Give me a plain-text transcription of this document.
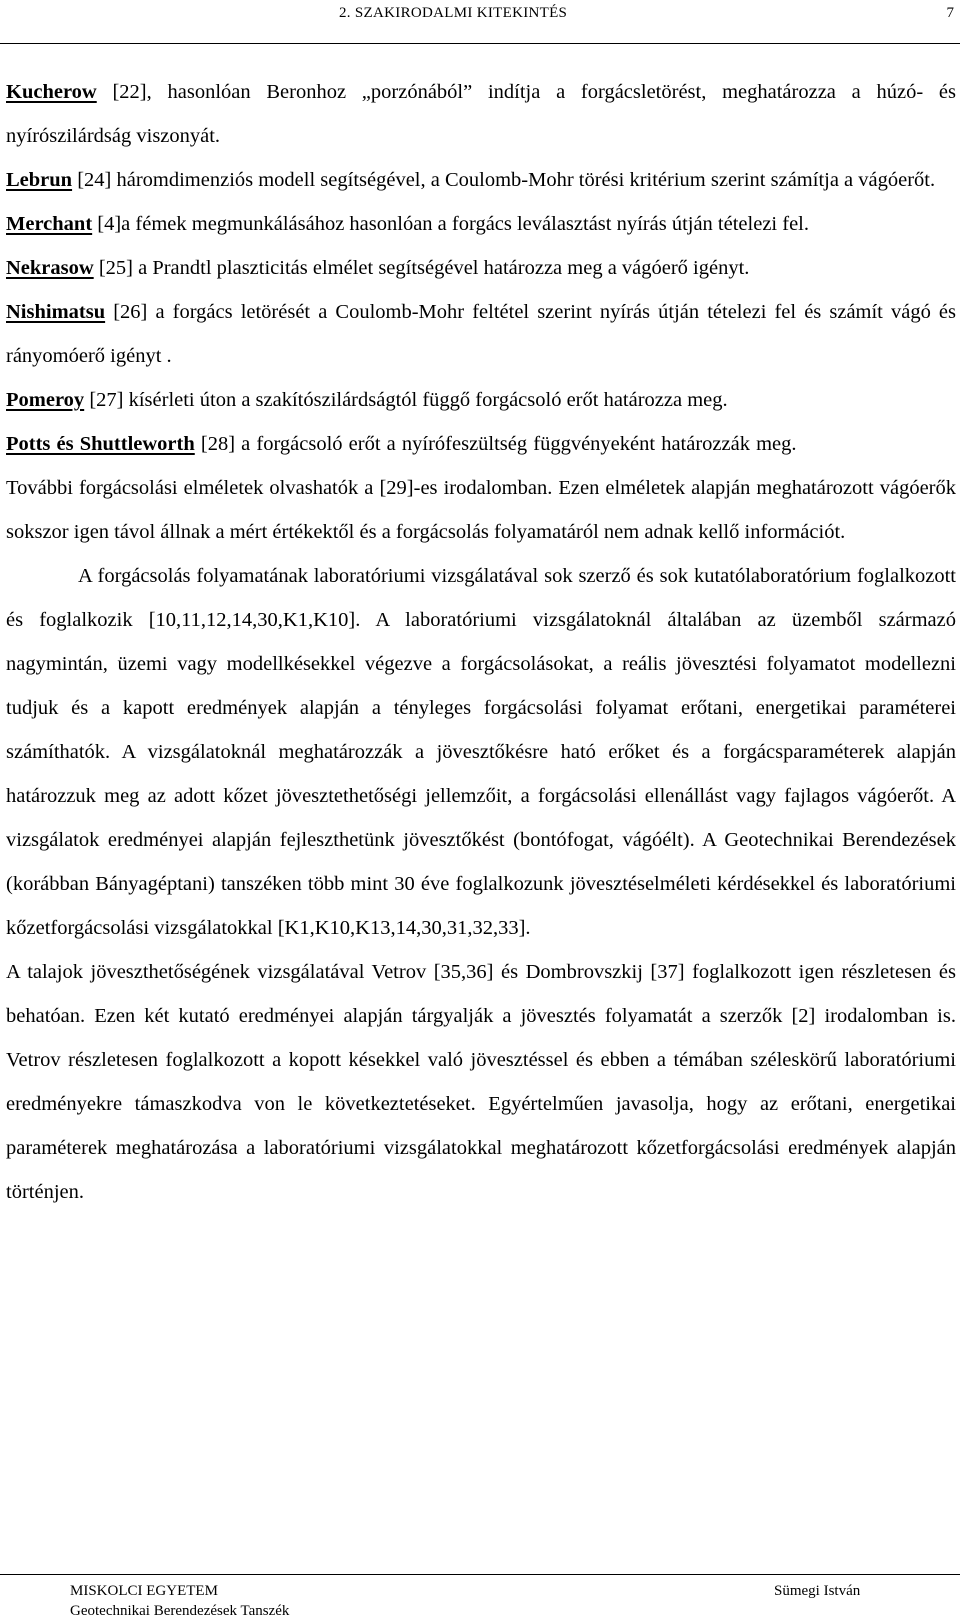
2. SZAKIRODALMI KITEKINTÉS	7

Kucherow [22], hasonlóan Beronhoz „porzónából” indítja a forgácsletörést, meghatározza a húzó- és nyírószilárdság viszonyát.

Lebrun [24] háromdimenziós modell segítségével, a Coulomb-Mohr törési kritérium szerint számítja a vágóerőt.

Merchant [4]a fémek megmunkálásához hasonlóan a forgács leválasztást nyírás útján tételezi fel.

Nekrasow [25] a Prandtl plaszticitás elmélet segítségével határozza meg a vágóerő igényt.

Nishimatsu [26] a forgács letörését a Coulomb-Mohr feltétel szerint nyírás útján tételezi fel és számít vágó és rányomóerő igényt .

Pomeroy [27] kísérleti úton a szakítószilárdságtól függő forgácsoló erőt határozza meg.

Potts és Shuttleworth [28] a forgácsoló erőt a nyírófeszültség függvényeként határozzák meg.

További forgácsolási elméletek olvashatók a [29]-es irodalomban. Ezen elméletek alapján meghatározott vágóerők sokszor igen távol állnak a mért értékektől és a forgácsolás folyamatáról nem adnak kellő információt.

A forgácsolás folyamatának laboratóriumi vizsgálatával sok szerző és sok kutatólaboratórium foglalkozott és foglalkozik [10,11,12,14,30,K1,K10]. A laboratóriumi vizsgálatoknál általában az üzemből származó nagymintán, üzemi vagy modellkésekkel végezve a forgácsolásokat, a reális jövesztési folyamatot modellezni tudjuk és a kapott eredmények alapján a tényleges forgácsolási folyamat erőtani, energetikai paraméterei számíthatók. A vizsgálatoknál meghatározzák a jövesztőkésre ható erőket és a forgácsparaméterek alapján határozzuk meg az adott kőzet jövesztethetőségi jellemzőit, a forgácsolási ellenállást vagy fajlagos vágóerőt. A vizsgálatok eredményei alapján fejleszthetünk jövesztőkést (bontófogat, vágóélt). A Geotechnikai Berendezések (korábban Bányagéptani) tanszéken több mint 30 éve foglalkozunk jövesztéselméleti kérdésekkel és laboratóriumi kőzetforgácsolási vizsgálatokkal [K1,K10,K13,14,30,31,32,33].

A talajok jöveszthetőségének vizsgálatával Vetrov [35,36] és Dombrovszkij [37] foglalkozott igen részletesen és behatóan. Ezen két kutató eredményei alapján tárgyalják a jövesztés folyamatát a szerzők [2] irodalomban is. Vetrov részletesen foglalkozott a kopott késekkel való jövesztéssel és ebben a témában széleskörű laboratóriumi eredményekre támaszkodva von le következtetéseket. Egyértelműen javasolja, hogy az erőtani, energetikai paraméterek meghatározása a laboratóriumi vizsgálatokkal meghatározott kőzetforgácsolási eredmények alapján történjen.

MISKOLCI EGYETEM
Geotechnikai Berendezések Tanszék
Sümegi István
